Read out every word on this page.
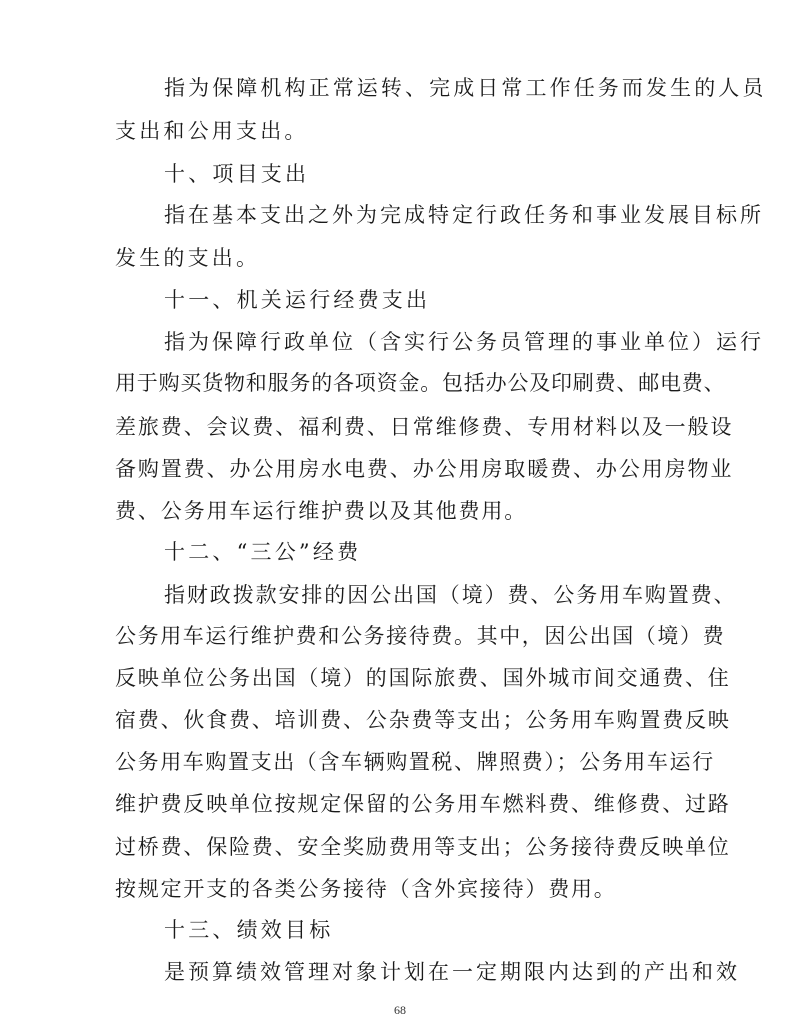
指为保障机构正常运转、完成日常工作任务而发生的人员
支出和公用支出。
十、项目支出
指在基本支出之外为完成特定行政任务和事业发展目标所
发生的支出。
十一、机关运行经费支出
指为保障行政单位（含实行公务员管理的事业单位）运行
用于购买货物和服务的各项资金。包括办公及印刷费、邮电费、
差旅费、会议费、福利费、日常维修费、专用材料以及一般设
备购置费、办公用房水电费、办公用房取暖费、办公用房物业
费、公务用车运行维护费以及其他费用。
十二、“三公”经费
指财政拨款安排的因公出国（境）费、公务用车购置费、
公务用车运行维护费和公务接待费。其中，因公出国（境）费
反映单位公务出国（境）的国际旅费、国外城市间交通费、住
宿费、伙食费、培训费、公杂费等支出；公务用车购置费反映
公务用车购置支出（含车辆购置税、牌照费）；公务用车运行
维护费反映单位按规定保留的公务用车燃料费、维修费、过路
过桥费、保险费、安全奖励费用等支出；公务接待费反映单位
按规定开支的各类公务接待（含外宾接待）费用。
十三、绩效目标
是预算绩效管理对象计划在一定期限内达到的产出和效
68
